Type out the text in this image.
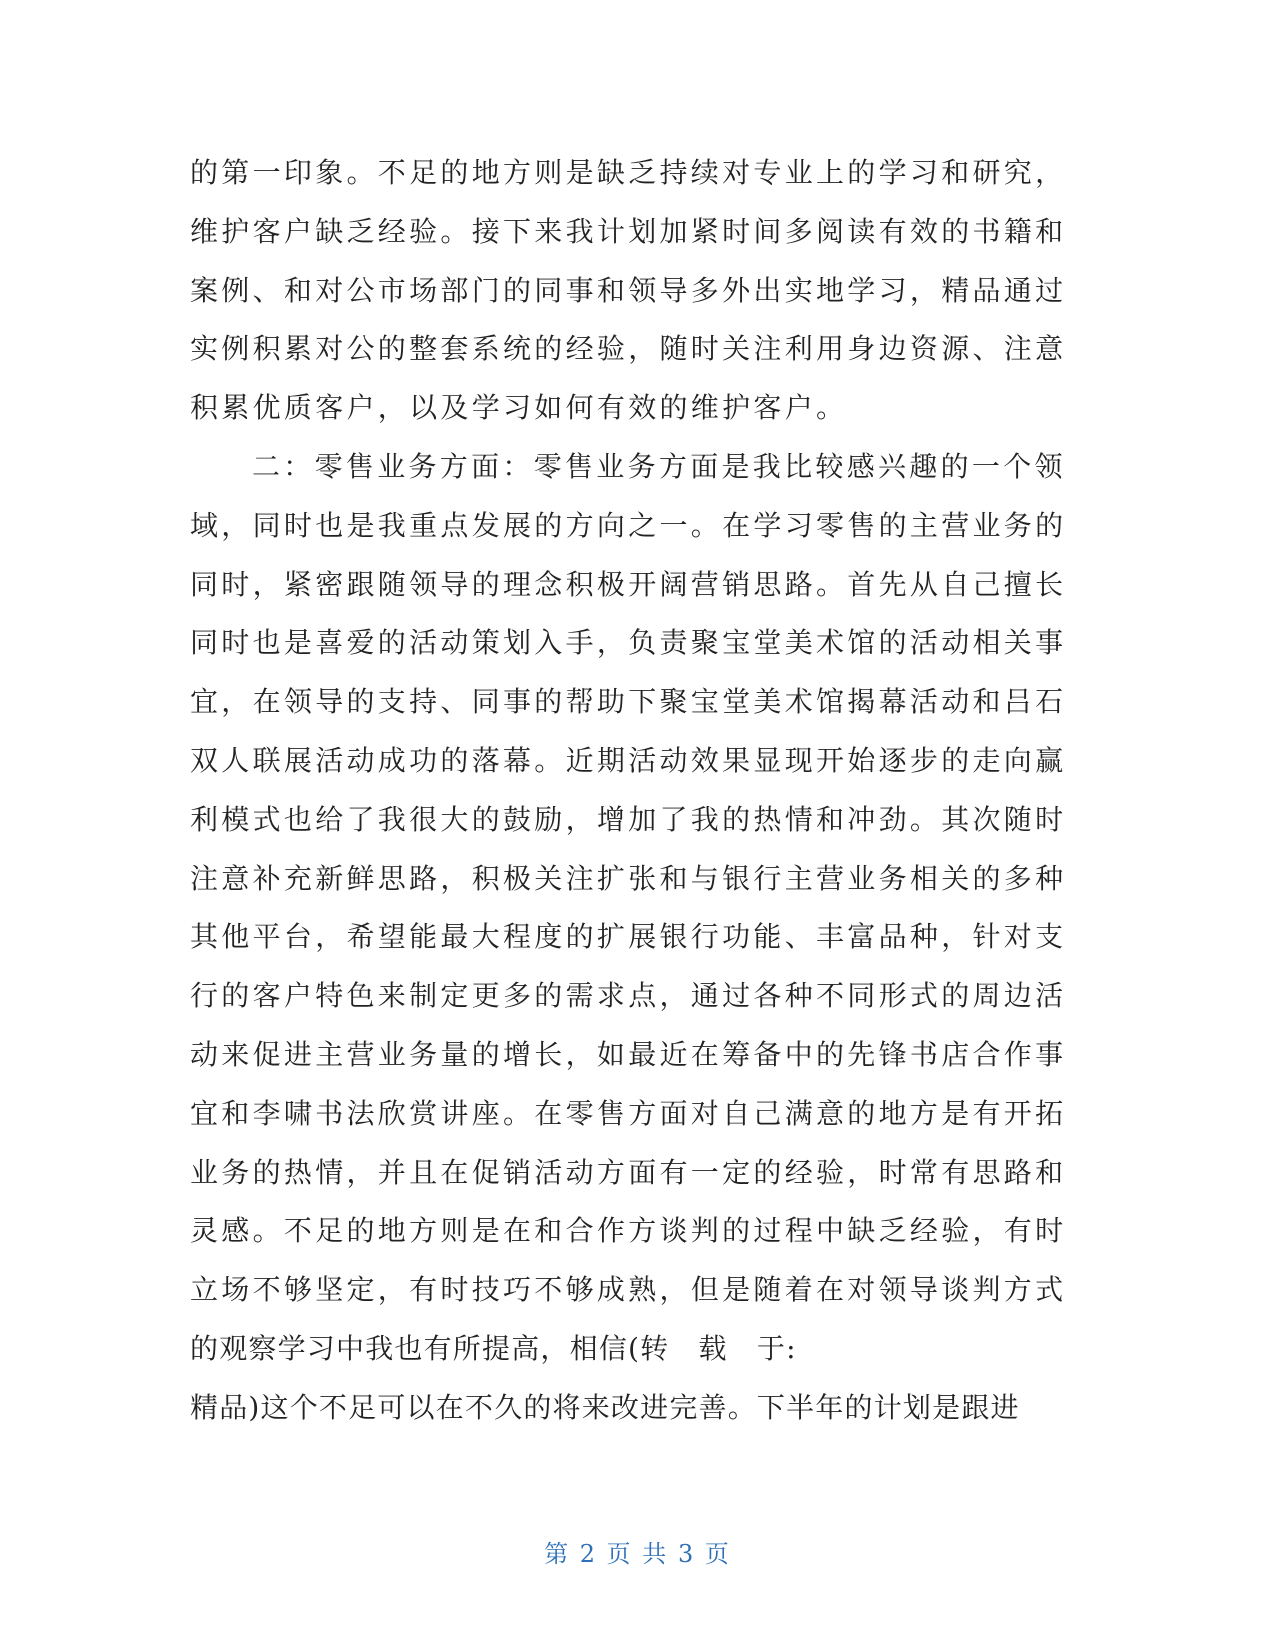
的第一印象。不足的地方则是缺乏持续对专业上的学习和研究，
维护客户缺乏经验。接下来我计划加紧时间多阅读有效的书籍和
案例、和对公市场部门的同事和领导多外出实地学习，精品通过
实例积累对公的整套系统的经验，随时关注利用身边资源、注意
积累优质客户，以及学习如何有效的维护客户。
二：零售业务方面：零售业务方面是我比较感兴趣的一个领
域，同时也是我重点发展的方向之一。在学习零售的主营业务的
同时，紧密跟随领导的理念积极开阔营销思路。首先从自己擅长
同时也是喜爱的活动策划入手，负责聚宝堂美术馆的活动相关事
宜，在领导的支持、同事的帮助下聚宝堂美术馆揭幕活动和吕石
双人联展活动成功的落幕。近期活动效果显现开始逐步的走向赢
利模式也给了我很大的鼓励，增加了我的热情和冲劲。其次随时
注意补充新鲜思路，积极关注扩张和与银行主营业务相关的多种
其他平台，希望能最大程度的扩展银行功能、丰富品种，针对支
行的客户特色来制定更多的需求点，通过各种不同形式的周边活
动来促进主营业务量的增长，如最近在筹备中的先锋书店合作事
宜和李啸书法欣赏讲座。在零售方面对自己满意的地方是有开拓
业务的热情，并且在促销活动方面有一定的经验，时常有思路和
灵感。不足的地方则是在和合作方谈判的过程中缺乏经验，有时
立场不够坚定，有时技巧不够成熟，但是随着在对领导谈判方式
的观察学习中我也有所提高，相信(转　载　于:
精品)这个不足可以在不久的将来改进完善。下半年的计划是跟进
第 2 页 共 3 页
